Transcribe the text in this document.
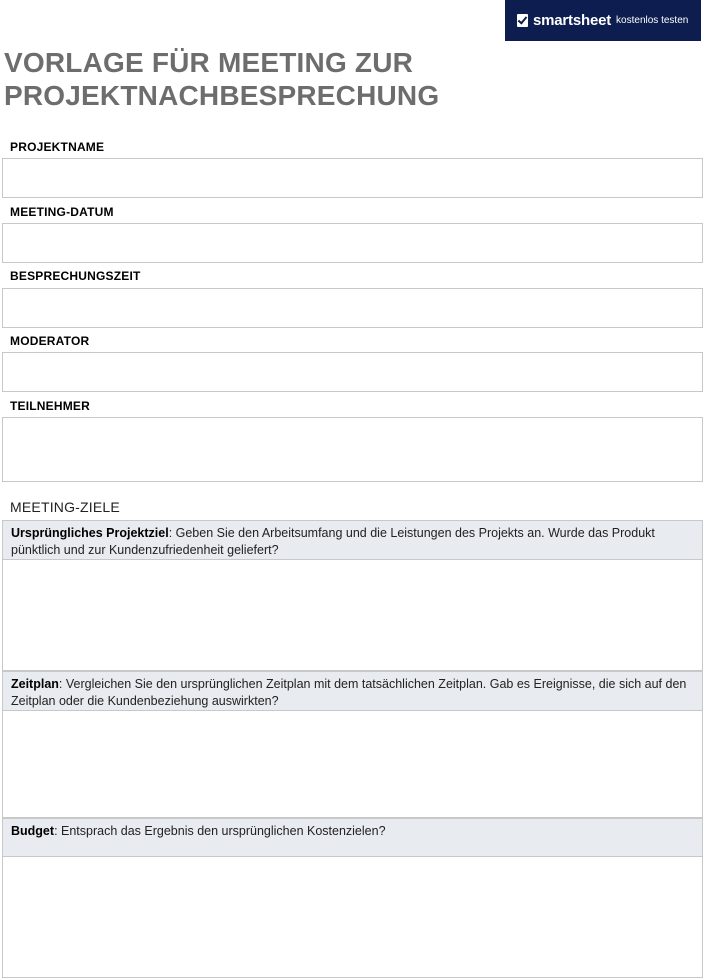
smartsheet kostenlos testen
VORLAGE FÜR MEETING ZUR PROJEKTNACHBESPRECHUNG
PROJEKTNAME
MEETING-DATUM
BESPRECHUNGSZEIT
MODERATOR
TEILNEHMER
MEETING-ZIELE
Ursprüngliches Projektziel: Geben Sie den Arbeitsumfang und die Leistungen des Projekts an. Wurde das Produkt pünktlich und zur Kundenzufriedenheit geliefert?
Zeitplan: Vergleichen Sie den ursprünglichen Zeitplan mit dem tatsächlichen Zeitplan. Gab es Ereignisse, die sich auf den Zeitplan oder die Kundenbeziehung auswirkten?
Budget: Entsprach das Ergebnis den ursprünglichen Kostenzielen?
